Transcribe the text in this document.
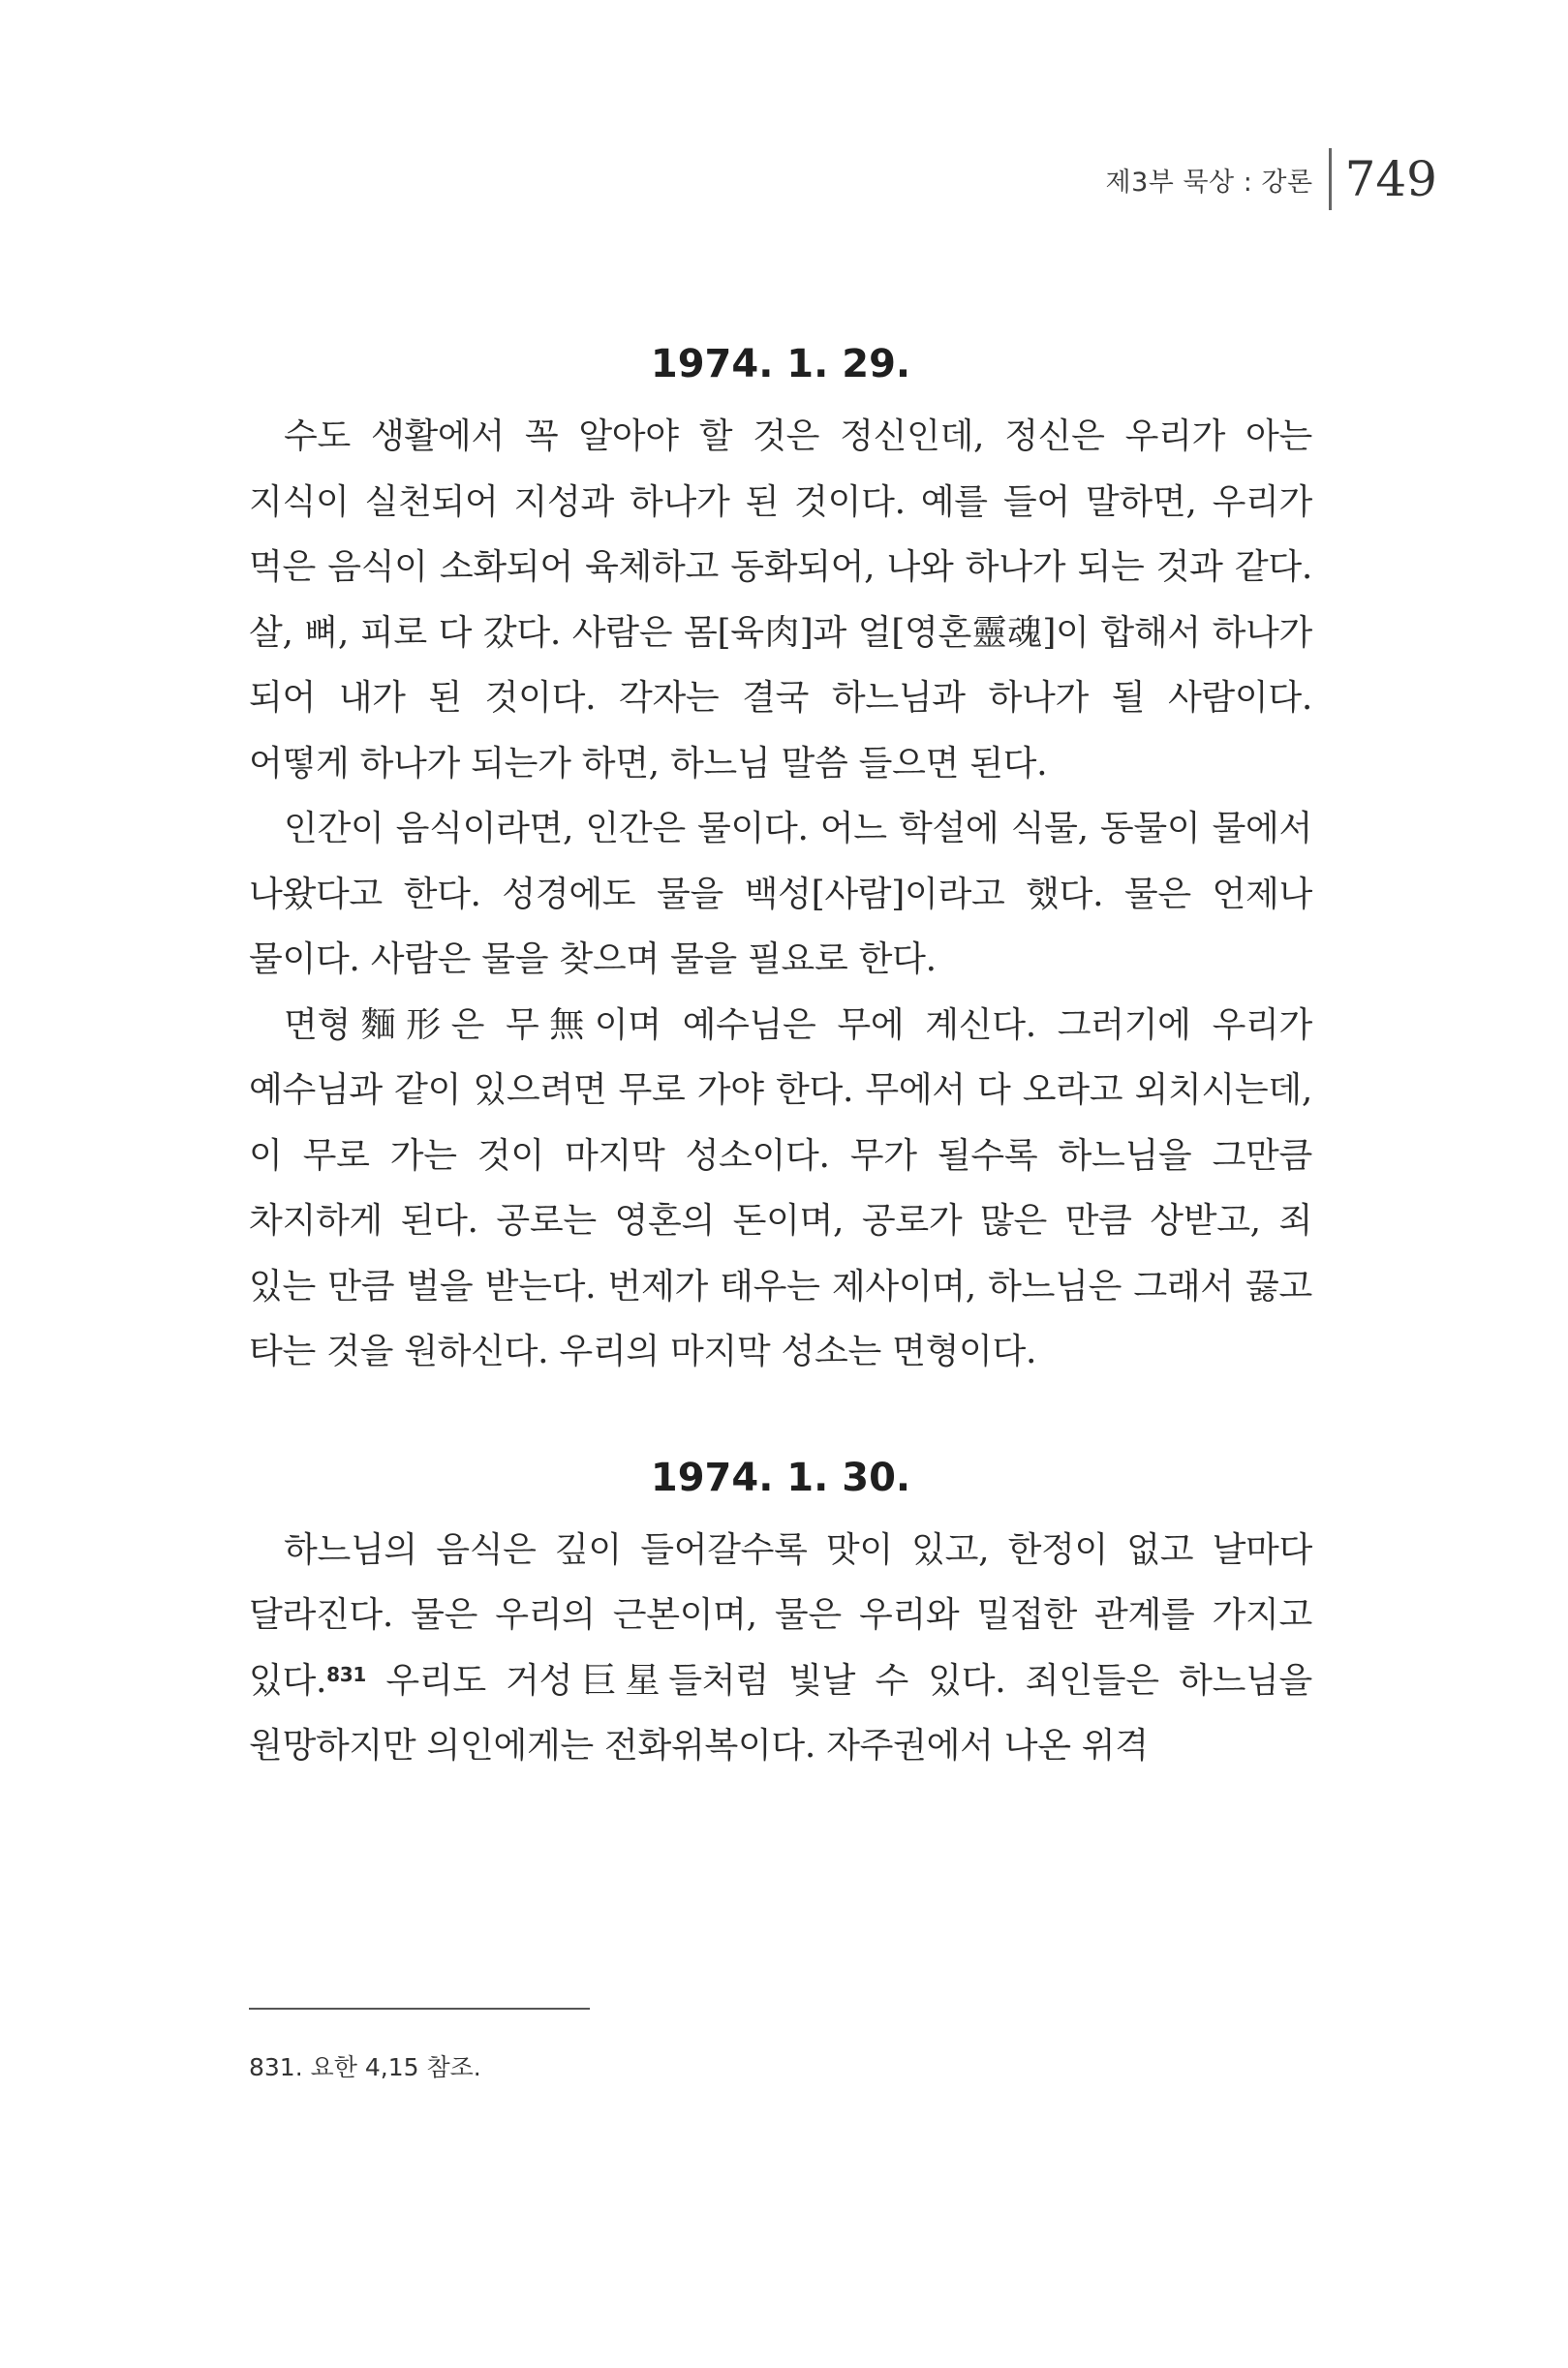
제3부 묵상 : 강론 749
1974. 1. 29.

수도 생활에서 꼭 알아야 할 것은 정신인데, 정신은 우리가 아는 지식이 실천되어 지성과 하나가 된 것이다. 예를 들어 말하면, 우리가 먹은 음식이 소화되어 육체하고 동화되어, 나와 하나가 되는 것과 같다. 살, 뼈, 피로 다 갔다. 사람은 몸[육肉]과 얼[영혼靈魂]이 합해서 하나가 되어 내가 된 것이다. 각자는 결국 하느님과 하나가 될 사람이다. 어떻게 하나가 되는가 하면, 하느님 말씀 들으면 된다.

인간이 음식이라면, 인간은 물이다. 어느 학설에 식물, 동물이 물에서 나왔다고 한다. 성경에도 물을 백성[사람]이라고 했다. 물은 언제나 물이다. 사람은 물을 찾으며 물을 필요로 한다.

면형麵形은 무無이며 예수님은 무에 계신다. 그러기에 우리가 예수님과 같이 있으려면 무로 가야 한다. 무에서 다 오라고 외치시는데, 이 무로 가는 것이 마지막 성소이다. 무가 될수록 하느님을 그만큼 차지하게 된다. 공로는 영혼의 돈이며, 공로가 많은 만큼 상받고, 죄 있는 만큼 벌을 받는다. 번제가 태우는 제사이며, 하느님은 그래서 끓고 타는 것을 원하신다. 우리의 마지막 성소는 면형이다.

1974. 1. 30.

하느님의 음식은 깊이 들어갈수록 맛이 있고, 한정이 없고 날마다 달라진다. 물은 우리의 근본이며, 물은 우리와 밀접한 관계를 가지고 있다.$^{831}$ 우리도 거성巨星들처럼 빛날 수 있다. 죄인들은 하느님을 원망하지만 의인에게는 전화위복이다. 자주권에서 나온 위격

831. 요한 4,15 참조.
